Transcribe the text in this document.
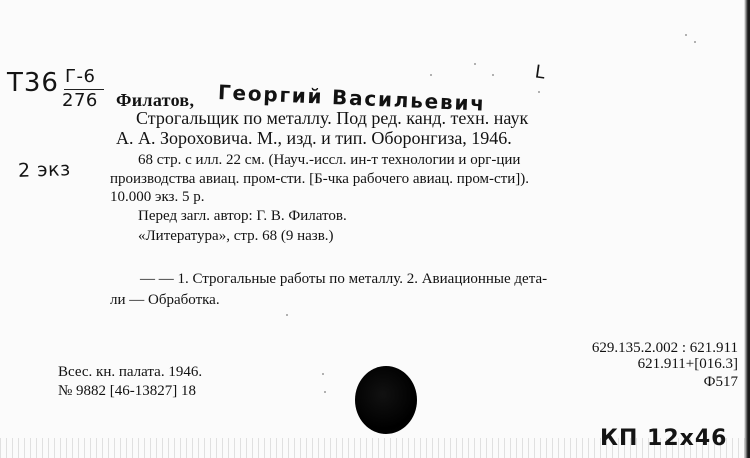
Т36 Г-6
276
L
2 экз
Филатов, Георгий Васильевич
Строгальщик по металлу. Под ред. канд. техн. наук
А. А. Зороховича. М., изд. и тип. Оборонгиза, 1946.
68 стр. с илл. 22 см. (Науч.-иссл. ин-т технологии и орг-ции
производства авиац. пром-сти. [Б-чка рабочего авиац. пром-сти]).
10.000 экз. 5 р.
Перед загл. автор: Г. В. Филатов.
«Литература», стр. 68 (9 назв.)
— — 1. Строгальные работы по металлу. 2. Авиационные дета-
ли — Обработка.
Всес. кн. палата. 1946.
№ 9882 [46-13827] 18
629.135.2.002 : 621.911
621.911+[016.3]
Ф517
КП 12х46
